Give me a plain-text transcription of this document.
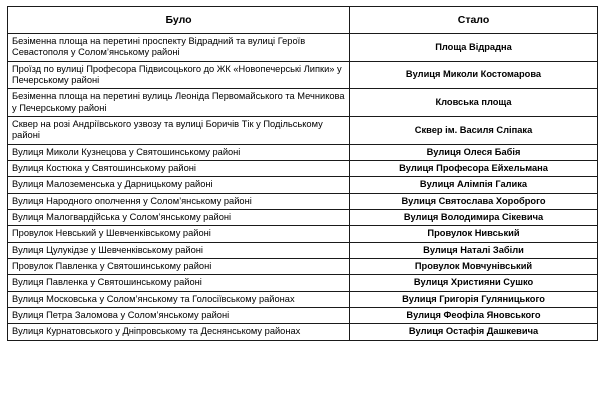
Було	Стало
Безіменна площа на перетині проспекту Відрадний та вулиці Героїв Севастополя у Солом’янському районі	Площа Відрадна
Проїзд по вулиці Професора Підвисоцького до ЖК «Новопечерські Липки» у Печерському районі	Вулиця Миколи Костомарова
Безіменна площа на перетині вулиць Леоніда Первомайського та Мечникова у Печерському районі	Кловська площа
Сквер на розі Андріївського узвозу та вулиці Боричів Тік у Подільському районі	Сквер ім. Василя Сліпака
Вулиця Миколи Кузнецова у Святошинському районі	Вулиця Олеся Бабія
Вулиця Костюка у Святошинському районі	Вулиця Професора Ейхельмана
Вулиця Малоземенська у Дарницькому районі	Вулиця Алімпія Галика
Вулиця Народного ополчення у Солом’янському районі	Вулиця Святослава Хороброго
Вулиця Малогвардійська у Солом’янському районі	Вулиця Володимира Сікевича
Провулок Невський у Шевченківському районі	Провулок Нивський
Вулиця Цулукідзе у Шевченківському районі	Вулиця Наталі Забіли
Провулок Павленка у Святошинському районі	Провулок Мовчунівський
Вулиця Павленка у Святошинському районі	Вулиця Християни Сушко
Вулиця Московська у Солом’янському та Голосіївському районах	Вулиця Григорія Гуляницького
Вулиця Петра Заломова у Солом’янському районі	Вулиця Феофіла Яновського
Вулиця Курнатовського у Дніпровському та Деснянському районах	Вулиця Остафія Дашкевича
